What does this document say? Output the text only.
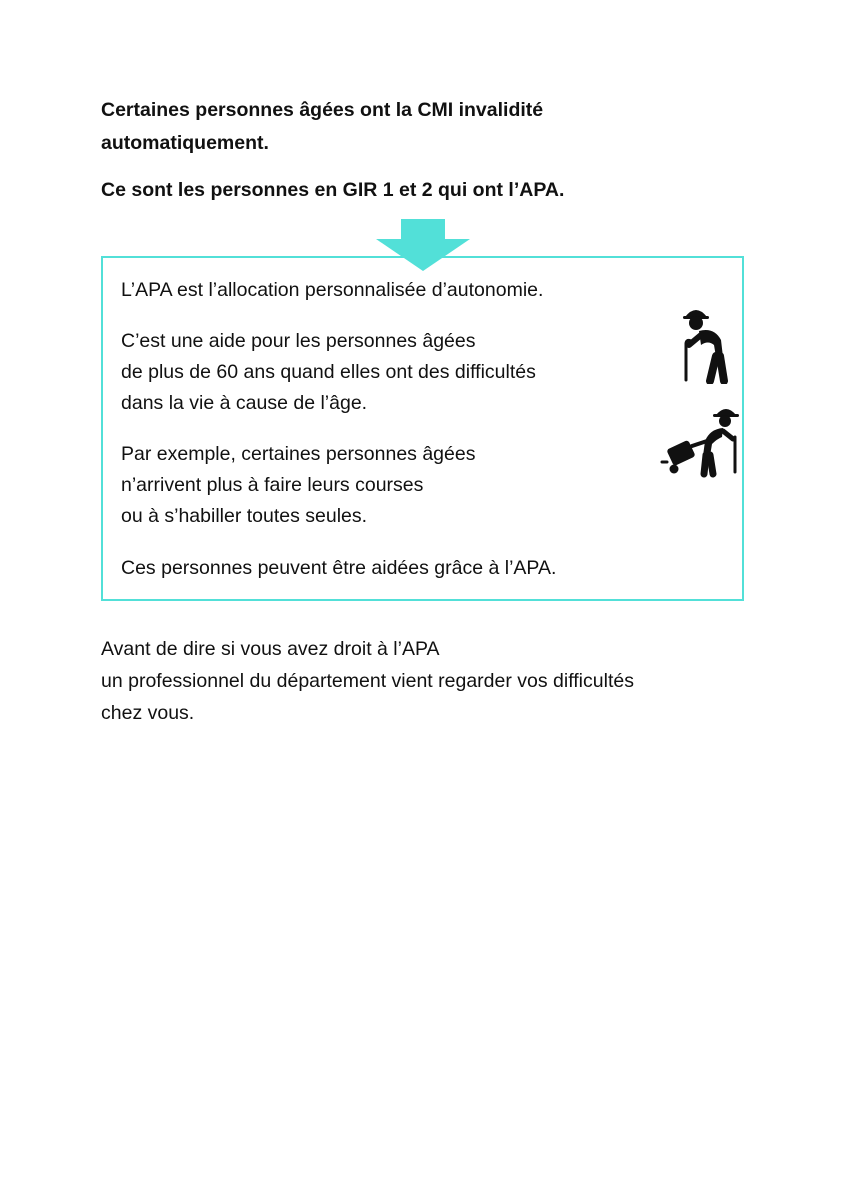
Certaines personnes âgées ont la CMI invalidité
automatiquement.

Ce sont les personnes en GIR 1 et 2 qui ont l’APA.

L’APA est l’allocation personnalisée d’autonomie.

C’est une aide pour les personnes âgées

de plus de 60 ans quand elles ont des difficultés

dans la vie à cause de l’âge.

Par exemple, certaines personnes âgées

n’arrivent plus à faire leurs courses

ou à s’habiller toutes seules.

Ces personnes peuvent être aidées grâce à l’APA.

Avant de dire si vous avez droit à l’APA

un professionnel du département vient regarder vos difficultés

chez vous.
